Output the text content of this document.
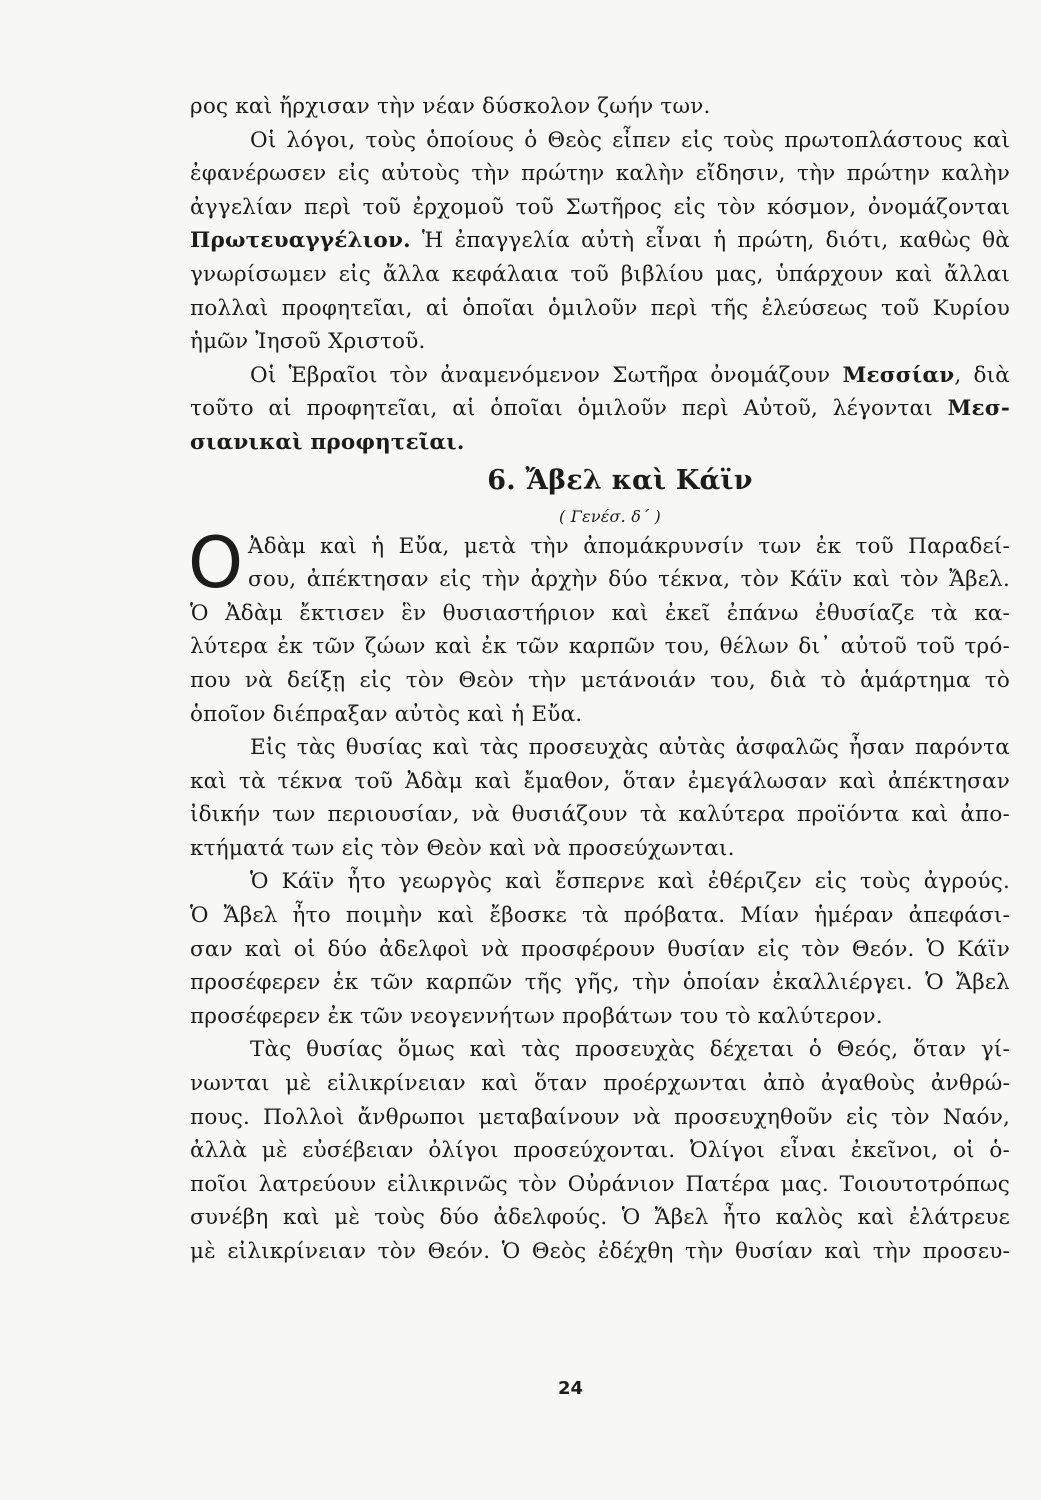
ρος καὶ ἤρχισαν τὴν νέαν δύσκολον ζωήν των.
Οἱ λόγοι, τοὺς ὁποίους ὁ Θεὸς εἶπεν εἰς τοὺς πρωτοπλάστους καὶ
ἐφανέρωσεν εἰς αὐτοὺς τὴν πρώτην καλὴν εἴδησιν, τὴν πρώτην καλὴν
ἀγγελίαν περὶ τοῦ ἐρχομοῦ τοῦ Σωτῆρος εἰς τὸν κόσμον, ὀνομάζονται
Πρωτευαγγέλιον. Ἡ ἐπαγγελία αὐτὴ εἶναι ἡ πρώτη, διότι, καθὼς θὰ
γνωρίσωμεν εἰς ἄλλα κεφάλαια τοῦ βιβλίου μας, ὑπάρχουν καὶ ἄλλαι
πολλαὶ προφητεῖαι, αἱ ὁποῖαι ὁμιλοῦν περὶ τῆς ἐλεύσεως τοῦ Κυρίου
ἡμῶν Ἰησοῦ Χριστοῦ.
Οἱ Ἑβραῖοι τὸν ἀναμενόμενον Σωτῆρα ὀνομάζουν Μεσσίαν, διὰ
τοῦτο αἱ προφητεῖαι, αἱ ὁποῖαι ὁμιλοῦν περὶ Αὐτοῦ, λέγονται Μεσ-
σιανικαὶ προφητεῖαι.
6. Ἄβελ καὶ Κάϊν
( Γενέσ. δ΄ )
Ο Ἀδὰμ καὶ ἡ Εὔα, μετὰ τὴν ἀπομάκρυνσίν των ἐκ τοῦ Παραδεί-
σου, ἀπέκτησαν εἰς τὴν ἀρχὴν δύο τέκνα, τὸν Κάϊν καὶ τὸν Ἄβελ.
Ὁ Ἀδὰμ ἔκτισεν ἓν θυσιαστήριον καὶ ἐκεῖ ἐπάνω ἐθυσίαζε τὰ κα-
λύτερα ἐκ τῶν ζώων καὶ ἐκ τῶν καρπῶν του, θέλων δι᾽ αὐτοῦ τοῦ τρό-
που νὰ δείξῃ εἰς τὸν Θεὸν τὴν μετάνοιάν του, διὰ τὸ ἁμάρτημα τὸ
ὁποῖον διέπραξαν αὐτὸς καὶ ἡ Εὔα.
Εἰς τὰς θυσίας καὶ τὰς προσευχὰς αὐτὰς ἀσφαλῶς ἦσαν παρόντα
καὶ τὰ τέκνα τοῦ Ἀδὰμ καὶ ἔμαθον, ὅταν ἐμεγάλωσαν καὶ ἀπέκτησαν
ἰδικήν των περιουσίαν, νὰ θυσιάζουν τὰ καλύτερα προϊόντα καὶ ἀπο-
κτήματά των εἰς τὸν Θεὸν καὶ νὰ προσεύχωνται.
Ὁ Κάϊν ἦτο γεωργὸς καὶ ἔσπερνε καὶ ἐθέριζεν εἰς τοὺς ἀγρούς.
Ὁ Ἄβελ ἦτο ποιμὴν καὶ ἔβοσκε τὰ πρόβατα. Μίαν ἡμέραν ἀπεφάσι-
σαν καὶ οἱ δύο ἀδελφοὶ νὰ προσφέρουν θυσίαν εἰς τὸν Θεόν. Ὁ Κάϊν
προσέφερεν ἐκ τῶν καρπῶν τῆς γῆς, τὴν ὁποίαν ἐκαλλιέργει. Ὁ Ἄβελ
προσέφερεν ἐκ τῶν νεογεννήτων προβάτων του τὸ καλύτερον.
Τὰς θυσίας ὅμως καὶ τὰς προσευχὰς δέχεται ὁ Θεός, ὅταν γί-
νωνται μὲ εἰλικρίνειαν καὶ ὅταν προέρχωνται ἀπὸ ἀγαθοὺς ἀνθρώ-
πους. Πολλοὶ ἄνθρωποι μεταβαίνουν νὰ προσευχηθοῦν εἰς τὸν Ναόν,
ἀλλὰ μὲ εὐσέβειαν ὀλίγοι προσεύχονται. Ὀλίγοι εἶναι ἐκεῖνοι, οἱ ὁ-
ποῖοι λατρεύουν εἰλικρινῶς τὸν Οὐράνιον Πατέρα μας. Τοιουτοτρόπως
συνέβη καὶ μὲ τοὺς δύο ἀδελφούς. Ὁ Ἄβελ ἦτο καλὸς καὶ ἐλάτρευε
μὲ εἰλικρίνειαν τὸν Θεόν. Ὁ Θεὸς ἐδέχθη τὴν θυσίαν καὶ τὴν προσευ-
24
